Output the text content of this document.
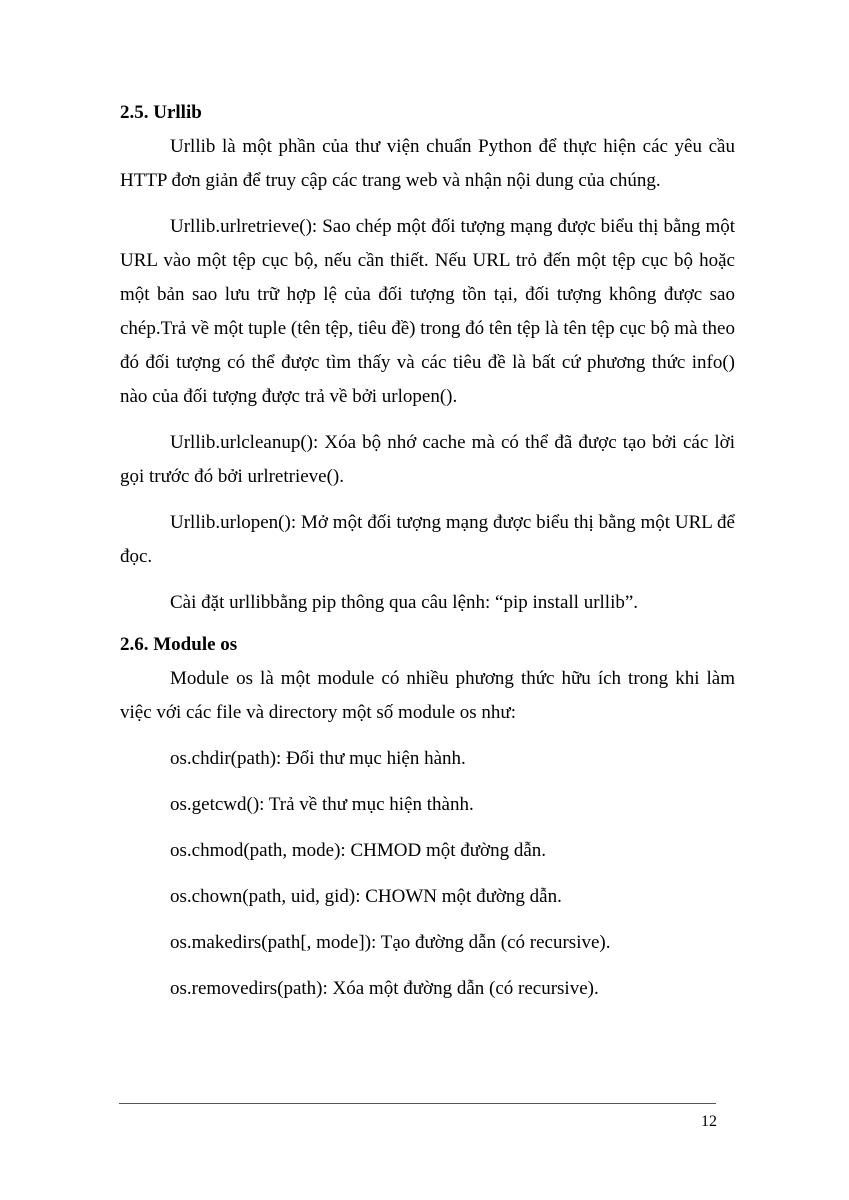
2.5. Urllib

Urllib là một phần của thư viện chuẩn Python để thực hiện các yêu cầu HTTP đơn giản để truy cập các trang web và nhận nội dung của chúng.

Urllib.urlretrieve(): Sao chép một đối tượng mạng được biểu thị bằng một URL vào một tệp cục bộ, nếu cần thiết. Nếu URL trỏ đến một tệp cục bộ hoặc một bản sao lưu trữ hợp lệ của đối tượng tồn tại, đối tượng không được sao chép.Trả về một tuple (tên tệp, tiêu đề) trong đó tên tệp là tên tệp cục bộ mà theo đó đối tượng có thể được tìm thấy và các tiêu đề là bất cứ phương thức info() nào của đối tượng được trả về bởi urlopen().

Urllib.urlcleanup(): Xóa bộ nhớ cache mà có thể đã được tạo bởi các lời gọi trước đó bởi urlretrieve().

Urllib.urlopen(): Mở một đối tượng mạng được biểu thị bằng một URL để đọc.

Cài đặt urllibbằng pip thông qua câu lệnh: “pip install urllib”.

2.6. Module os

Module os là một module có nhiều phương thức hữu ích trong khi làm việc với các file và directory một số module os như:

os.chdir(path): Đổi thư mục hiện hành.
os.getcwd(): Trả về thư mục hiện thành.
os.chmod(path, mode): CHMOD một đường dẫn.
os.chown(path, uid, gid): CHOWN một đường dẫn.
os.makedirs(path[, mode]): Tạo đường dẫn (có recursive).
os.removedirs(path): Xóa một đường dẫn (có recursive).
12
